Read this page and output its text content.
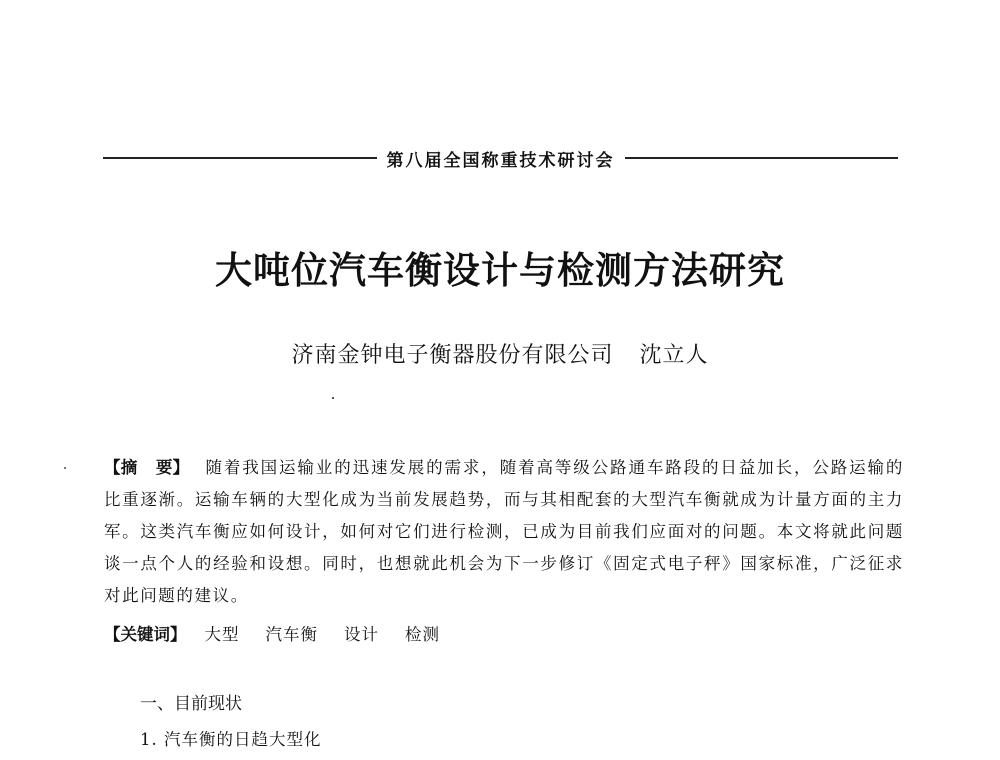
第八届全国称重技术研讨会
大吨位汽车衡设计与检测方法研究
济南金钟电子衡器股份有限公司 沈立人
【摘 要】 随着我国运输业的迅速发展的需求，随着高等级公路通车路段的日益加长，公路运输的比重逐渐。运输车辆的大型化成为当前发展趋势，而与其相配套的大型汽车衡就成为计量方面的主力军。这类汽车衡应如何设计，如何对它们进行检测，已成为目前我们应面对的问题。本文将就此问题谈一点个人的经验和设想。同时，也想就此机会为下一步修订《固定式电子秤》国家标准，广泛征求对此问题的建议。
【关键词】 大型 汽车衡 设计 检测
一、目前现状
1. 汽车衡的日趋大型化
